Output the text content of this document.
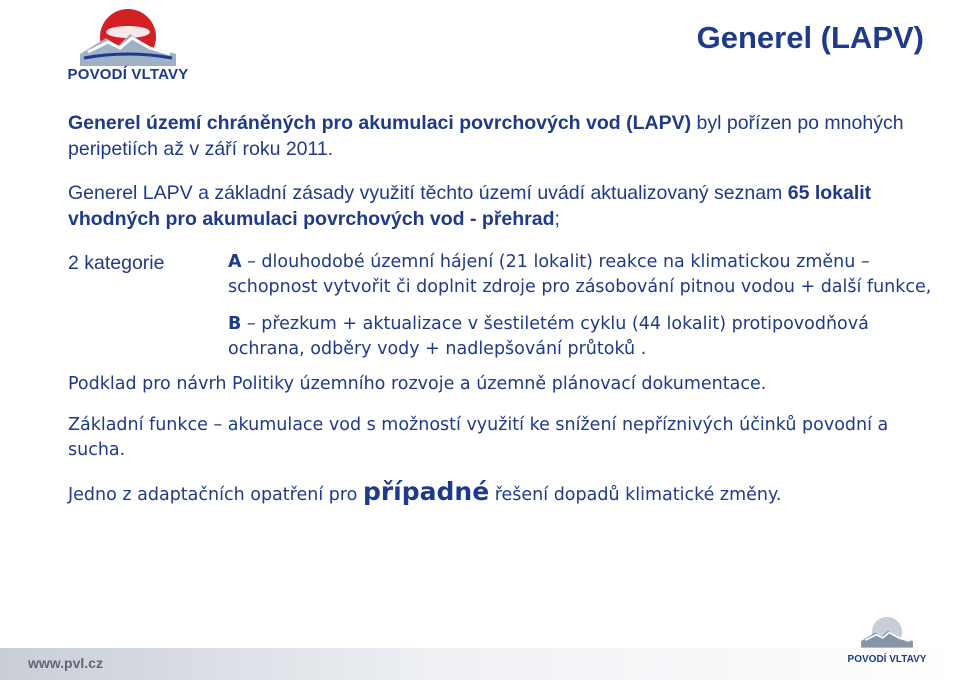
POVODÍ VLTAVY
Generel (LAPV)

Generel území chráněných pro akumulaci povrchových vod (LAPV) byl pořízen po mnohých peripetiích až v září roku 2011.

Generel LAPV a základní zásady využití těchto území uvádí aktualizovaný seznam 65 lokalit vhodných pro akumulaci povrchových vod - přehrad;

2 kategorie	A – dlouhodobé územní hájení (21 lokalit) reakce na klimatickou změnu – schopnost vytvořit či doplnit zdroje pro zásobování pitnou vodou + další funkce,

B – přezkum + aktualizace v šestiletém cyklu (44 lokalit) protipovodňová ochrana, odběry vody + nadlepšování průtoků .

Podklad pro návrh Politiky územního rozvoje a územně plánovací dokumentace.

Základní funkce – akumulace vod s možností využití ke snížení nepříznivých účinků povodní a sucha.

Jedno z adaptačních opatření pro případné řešení dopadů klimatické změny.

www.pvl.cz	POVODÍ VLTAVY
